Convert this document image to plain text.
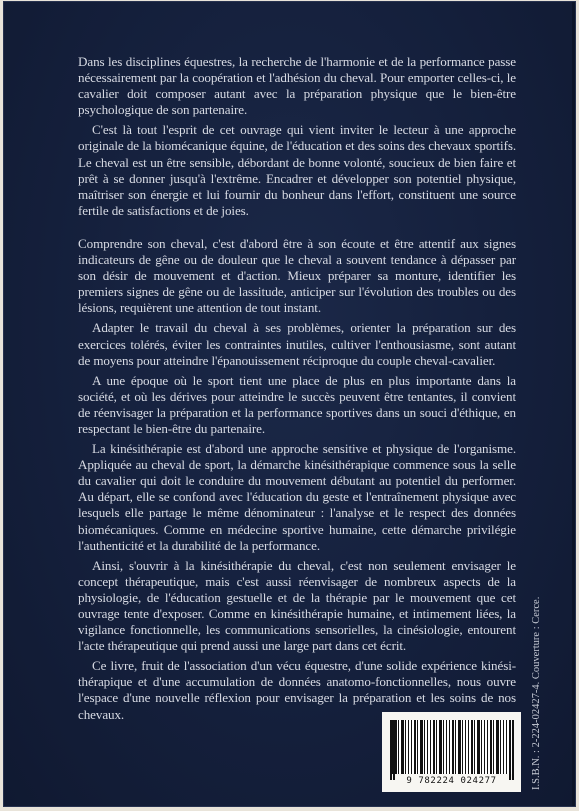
Dans les disciplines équestres, la recherche de l'harmonie et de la performance passe nécessairement par la coopération et l'adhésion du cheval. Pour emporter celles-ci, le cavalier doit composer autant avec la préparation physique que le bien-être psychologique de son partenaire.

C'est là tout l'esprit de cet ouvrage qui vient inviter le lecteur à une approche originale de la biomécanique équine, de l'éducation et des soins des chevaux sportifs. Le cheval est un être sensible, débordant de bonne volonté, soucieux de bien faire et prêt à se donner jusqu'à l'extrême. Encadrer et développer son potentiel physique, maîtriser son énergie et lui fournir du bonheur dans l'effort, constituent une source fertile de satisfactions et de joies.

Comprendre son cheval, c'est d'abord être à son écoute et être attentif aux signes indicateurs de gêne ou de douleur que le cheval a souvent tendance à dépasser par son désir de mouvement et d'action. Mieux préparer sa monture, identifier les premiers signes de gêne ou de lassitude, anticiper sur l'évolution des troubles ou des lésions, requièrent une attention de tout instant.

Adapter le travail du cheval à ses problèmes, orienter la préparation sur des exercices tolérés, éviter les contraintes inutiles, cultiver l'enthousiasme, sont autant de moyens pour atteindre l'épanouissement réciproque du couple cheval-cavalier.

A une époque où le sport tient une place de plus en plus importante dans la société, et où les dérives pour atteindre le succès peuvent être tentantes, il convient de réenvisager la préparation et la performance sportives dans un souci d'éthique, en respectant le bien-être du partenaire.

La kinésithérapie est d'abord une approche sensitive et physique de l'organisme. Appliquée au cheval de sport, la démarche kinésithérapique commence sous la selle du cavalier qui doit le conduire du mouvement débutant au potentiel du performer. Au départ, elle se confond avec l'éducation du geste et l'entraînement physique avec lesquels elle partage le même dénominateur : l'analyse et le respect des données biomécaniques. Comme en médecine sportive humaine, cette démarche privilégie l'authenticité et la durabilité de la performance.

Ainsi, s'ouvrir à la kinésithérapie du cheval, c'est non seulement envisager le concept thérapeutique, mais c'est aussi réenvisager de nombreux aspects de la physiologie, de l'éducation gestuelle et de la thérapie par le mouvement que cet ouvrage tente d'exposer. Comme en kinésithérapie humaine, et intimement liées, la vigilance fonctionnelle, les communications sensorielles, la cinésiologie, entourent l'acte thérapeutique qui prend aussi une large part dans cet écrit.

Ce livre, fruit de l'association d'un vécu équestre, d'une solide expérience kinési-thérapique et d'une accumulation de données anatomo-fonctionnelles, nous ouvre l'espace d'une nouvelle réflexion pour envisager la préparation et les soins de nos chevaux.

9 782224 024277	I.S.B.N. : 2-224-02427-4. Couverture : Cerce.
